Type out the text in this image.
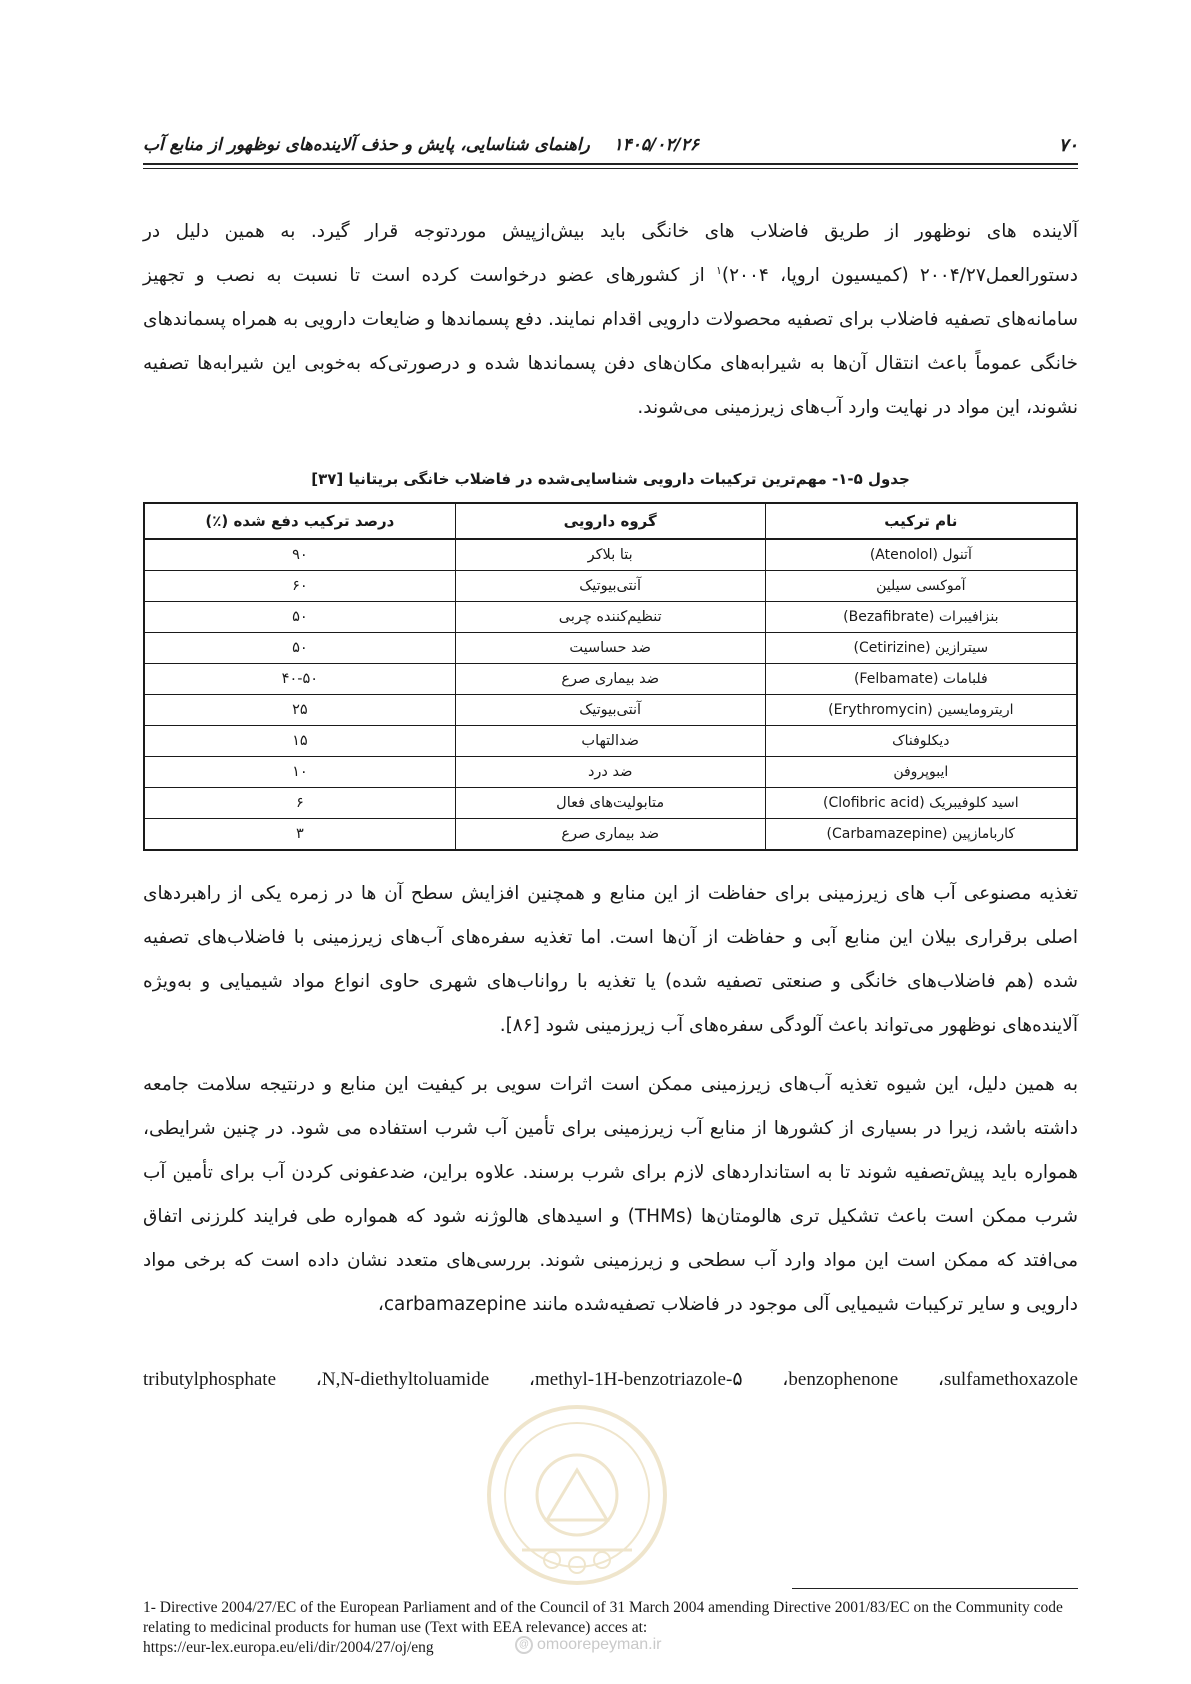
۱۴۰۵/۰۲/۲۶    راهنمای شناسایی، پایش و حذف آلاینده‌های نوظهور از منابع آب	۷۰
آلاینده های نوظهور از طریق فاضلاب های خانگی باید بیش‌ازپیش موردتوجه قرار گیرد. به همین دلیل در دستورالعمل۲۰۰۴/۲۷ (کمیسیون اروپا، ۲۰۰۴)$^۱$ از کشورهای عضو درخواست کرده است تا نسبت به نصب و تجهیز سامانه‌های تصفیه فاضلاب برای تصفیه محصولات دارویی اقدام نمایند. دفع پسماندها و ضایعات دارویی به همراه پسماندهای خانگی عموماً باعث انتقال آن‌ها به شیرابه‌های مکان‌های دفن پسماندها شده و درصورتی‌که به‌خوبی این شیرابه‌ها تصفیه نشوند، این مواد در نهایت وارد آب‌های زیرزمینی می‌شوند.
جدول ۵-۱- مهم‌ترین ترکیبات دارویی شناسایی‌شده در فاضلاب خانگی بریتانیا [۳۷]
نام ترکیب	گروه دارویی	درصد ترکیب دفع شده (٪)
آتنول (Atenolol)	بتا بلاکر	۹۰
آموکسی سیلین	آنتی‌بیوتیک	۶۰
بنزافیبرات (Bezafibrate)	تنظیم‌کننده چربی	۵۰
سیترازین (Cetirizine)	ضد حساسیت	۵۰
فلبامات (Felbamate)	ضد بیماری صرع	۴۰-۵۰
اریترومایسین (Erythromycin)	آنتی‌بیوتیک	۲۵
دیکلوفناک	ضدالتهاب	۱۵
ایبوپروفن	ضد درد	۱۰
اسید کلوفیبریک (Clofibric acid)	متابولیت‌های فعال	۶
کاربامازپین (Carbamazepine)	ضد بیماری صرع	۳
تغذیه مصنوعی آب های زیرزمینی برای حفاظت از این منابع و همچنین افزایش سطح آن ها در زمره یکی از راهبردهای اصلی برقراری بیلان این منابع آبی و حفاظت از آن‌ها است. اما تغذیه سفره‌های آب‌های زیرزمینی با فاضلاب‌های تصفیه شده (هم فاضلاب‌های خانگی و صنعتی تصفیه شده) یا تغذیه با رواناب‌های شهری حاوی انواع مواد شیمیایی و به‌ویژه آلاینده‌های نوظهور می‌تواند باعث آلودگی سفره‌های آب زیرزمینی شود [۸۶].
به همین دلیل، این شیوه تغذیه آب‌های زیرزمینی ممکن است اثرات سویی بر کیفیت این منابع و درنتیجه سلامت جامعه داشته باشد، زیرا در بسیاری از کشورها از منابع آب زیرزمینی برای تأمین آب شرب استفاده می شود. در چنین شرایطی، همواره باید پیش‌تصفیه شوند تا به استانداردهای لازم برای شرب برسند. علاوه براین، ضدعفونی کردن آب برای تأمین آب شرب ممکن است باعث تشکیل تری هالومتان‌ها (THMs) و اسیدهای هالوژنه شود که همواره طی فرایند کلرزنی اتفاق می‌افتد که ممکن است این مواد وارد آب سطحی و زیرزمینی شوند. بررسی‌های متعدد نشان داده است که برخی مواد دارویی و سایر ترکیبات شیمیایی آلی موجود در فاضلاب تصفیه‌شده مانند carbamazepine،
sulfamethoxazole،
benzophenone،
۵-methyl-1H-benzotriazole،
N,N-diethyltoluamide،
tributylphosphate
@ omoorepeyman.ir
1- Directive 2004/27/EC of the European Parliament and of the Council of 31 March 2004 amending Directive 2001/83/EC on the Community code relating to medicinal products for human use (Text with EEA relevance) acces at:
https://eur-lex.europa.eu/eli/dir/2004/27/oj/eng
